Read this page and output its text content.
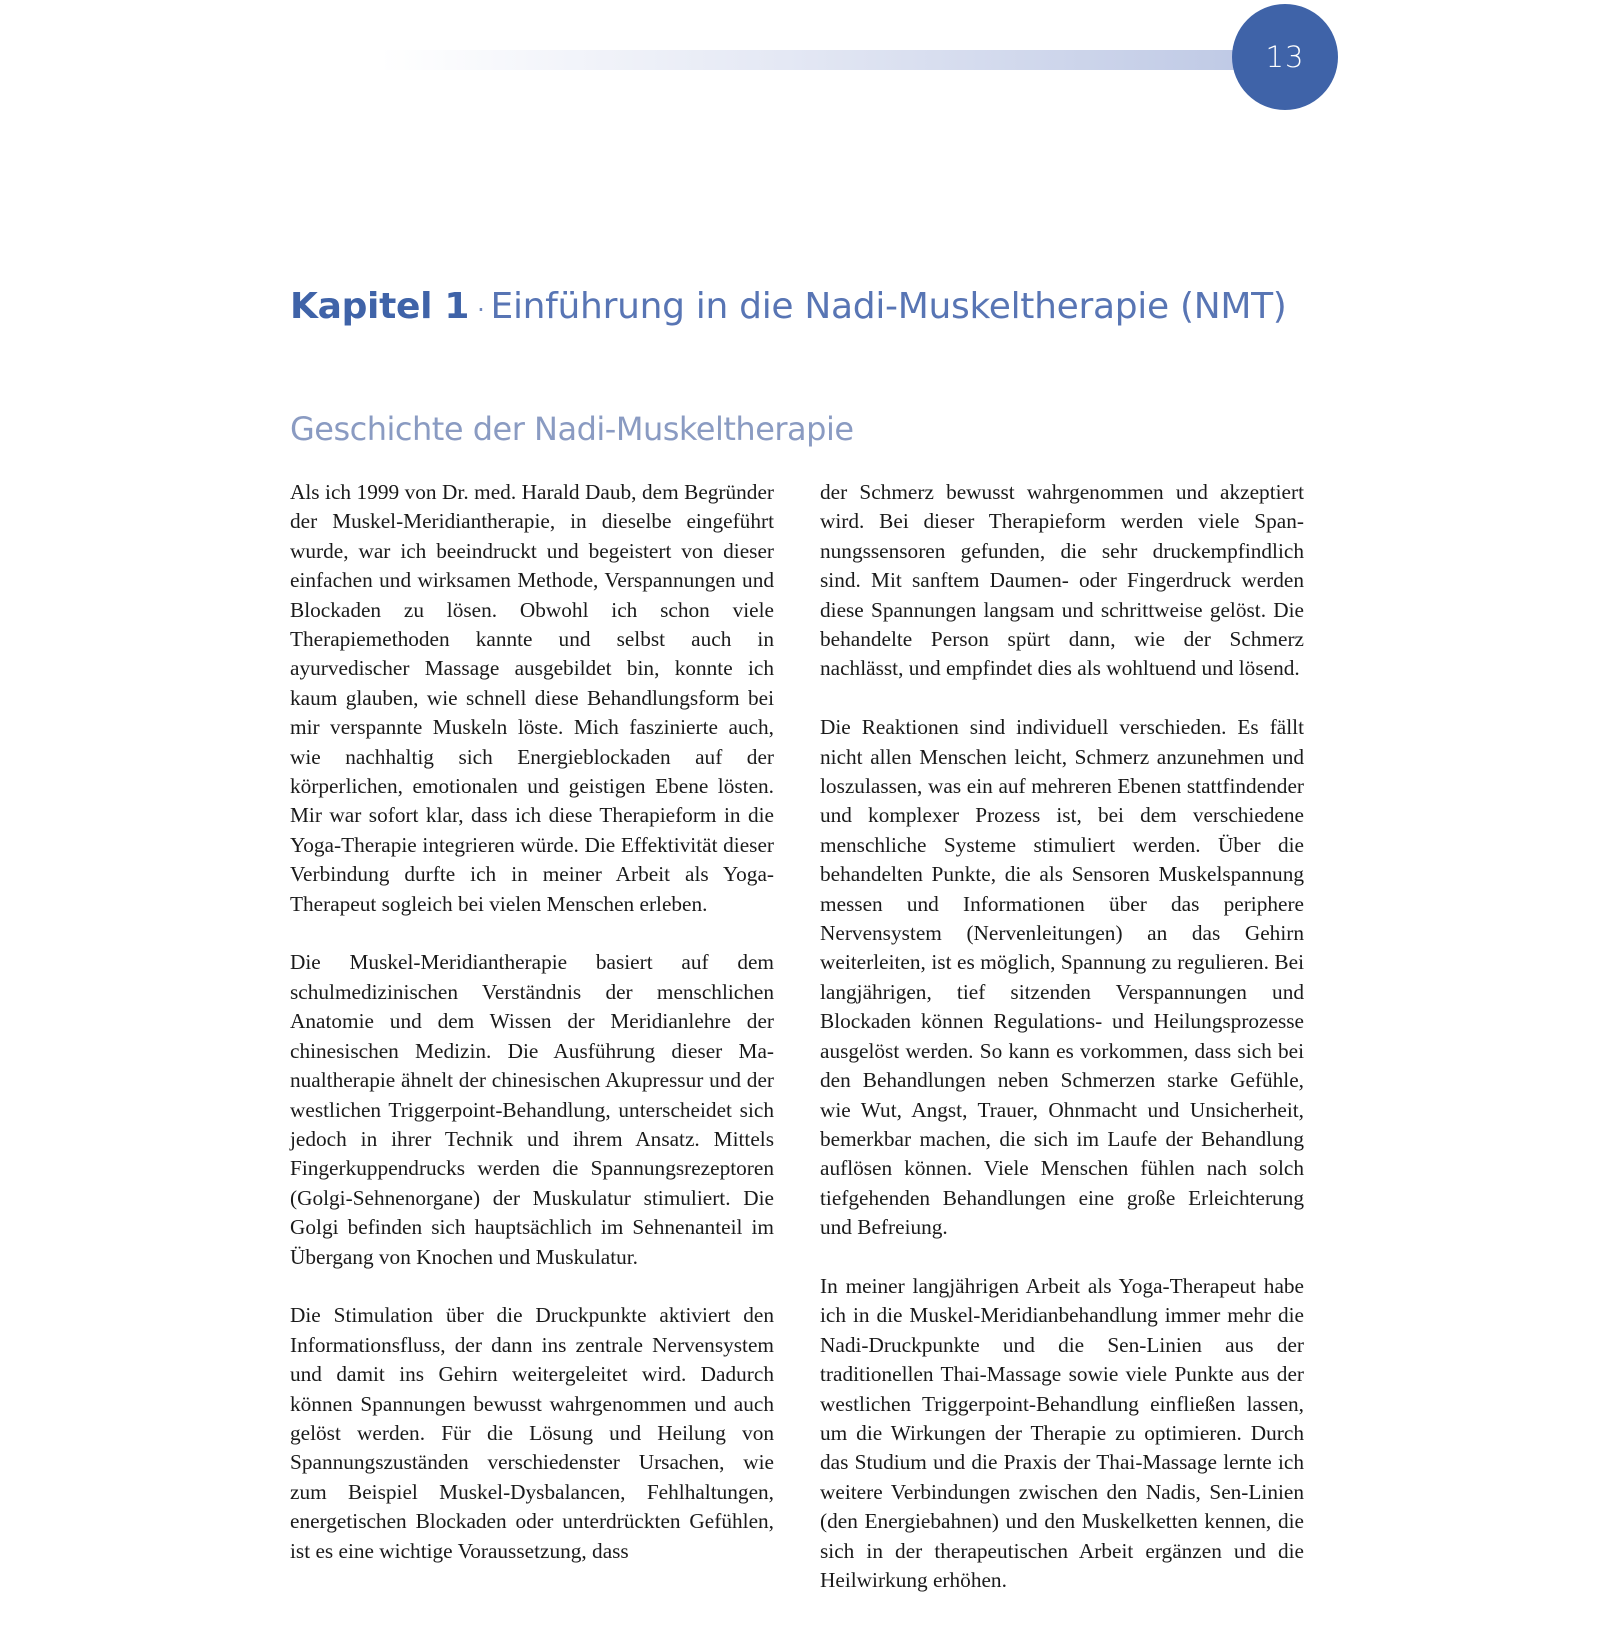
13
Kapitel 1 · Einführung in die Nadi-Muskeltherapie (NMT)
Geschichte der Nadi-Muskeltherapie

Als ich 1999 von Dr. med. Harald Daub, dem Begründer der Muskel-Meridiantherapie, in dieselbe eingeführt wurde, war ich beeindruckt und begeistert von dieser einfachen und wirksamen Methode, Verspannungen und Blockaden zu lösen. Obwohl ich schon viele Therapiemethoden kannte und selbst auch in ayurvedischer Massage ausgebildet bin, konnte ich kaum glauben, wie schnell diese Behandlungsform bei mir verspannte Muskeln löste. Mich faszinierte auch, wie nachhaltig sich Energieblockaden auf der körperlichen, emotionalen und geistigen Ebene lösten. Mir war sofort klar, dass ich diese Therapieform in die Yoga-Therapie integrieren würde. Die Effektivität dieser Verbindung durfte ich in meiner Arbeit als Yoga-Therapeut sogleich bei vielen Menschen erleben.

Die Muskel-Meridiantherapie basiert auf dem schulmedizinischen Verständnis der menschlichen Anatomie und dem Wissen der Meridianlehre der chinesischen Medizin. Die Ausführung dieser Manualtherapie ähnelt der chinesischen Akupressur und der westlichen Triggerpoint-Behandlung, unterscheidet sich jedoch in ihrer Technik und ihrem Ansatz. Mittels Fingerkuppendrucks werden die Spannungsrezeptoren (Golgi-Sehnenorgane) der Muskulatur stimuliert. Die Golgi befinden sich hauptsächlich im Sehnenanteil im Übergang von Knochen und Muskulatur.

Die Stimulation über die Druckpunkte aktiviert den Informationsfluss, der dann ins zentrale Nervensystem und damit ins Gehirn weitergeleitet wird. Dadurch können Spannungen bewusst wahrgenommen und auch gelöst werden. Für die Lösung und Heilung von Spannungszuständen verschiedenster Ursachen, wie zum Beispiel Muskel-Dysbalancen, Fehlhaltungen, energetischen Blockaden oder unterdrückten Gefühlen, ist es eine wichtige Voraussetzung, dass

der Schmerz bewusst wahrgenommen und akzeptiert wird. Bei dieser Therapieform werden viele Spannungssensoren gefunden, die sehr druckempfindlich sind. Mit sanftem Daumen- oder Fingerdruck werden diese Spannungen langsam und schrittweise gelöst. Die behandelte Person spürt dann, wie der Schmerz nachlässt, und empfindet dies als wohltuend und lösend.

Die Reaktionen sind individuell verschieden. Es fällt nicht allen Menschen leicht, Schmerz anzunehmen und loszulassen, was ein auf mehreren Ebenen stattfindender und komplexer Prozess ist, bei dem verschiedene menschliche Systeme stimuliert werden. Über die behandelten Punkte, die als Sensoren Muskelspannung messen und Informationen über das periphere Nervensystem (Nervenleitungen) an das Gehirn weiterleiten, ist es möglich, Spannung zu regulieren. Bei langjährigen, tief sitzenden Verspannungen und Blockaden können Regulations- und Heilungsprozesse ausgelöst werden. So kann es vorkommen, dass sich bei den Behandlungen neben Schmerzen starke Gefühle, wie Wut, Angst, Trauer, Ohnmacht und Unsicherheit, bemerkbar machen, die sich im Laufe der Behandlung auflösen können. Viele Menschen fühlen nach solch tiefgehenden Behandlungen eine große Erleichterung und Befreiung.

In meiner langjährigen Arbeit als Yoga-Therapeut habe ich in die Muskel-Meridianbehandlung immer mehr die Nadi-Druckpunkte und die Sen-Linien aus der traditionellen Thai-Massage sowie viele Punkte aus der westlichen Triggerpoint-Behandlung einfließen lassen, um die Wirkungen der Therapie zu optimieren. Durch das Studium und die Praxis der Thai-Massage lernte ich weitere Verbindungen zwischen den Nadis, Sen-Linien (den Energiebahnen) und den Muskelketten kennen, die sich in der therapeutischen Arbeit ergänzen und die Heilwirkung erhöhen.
